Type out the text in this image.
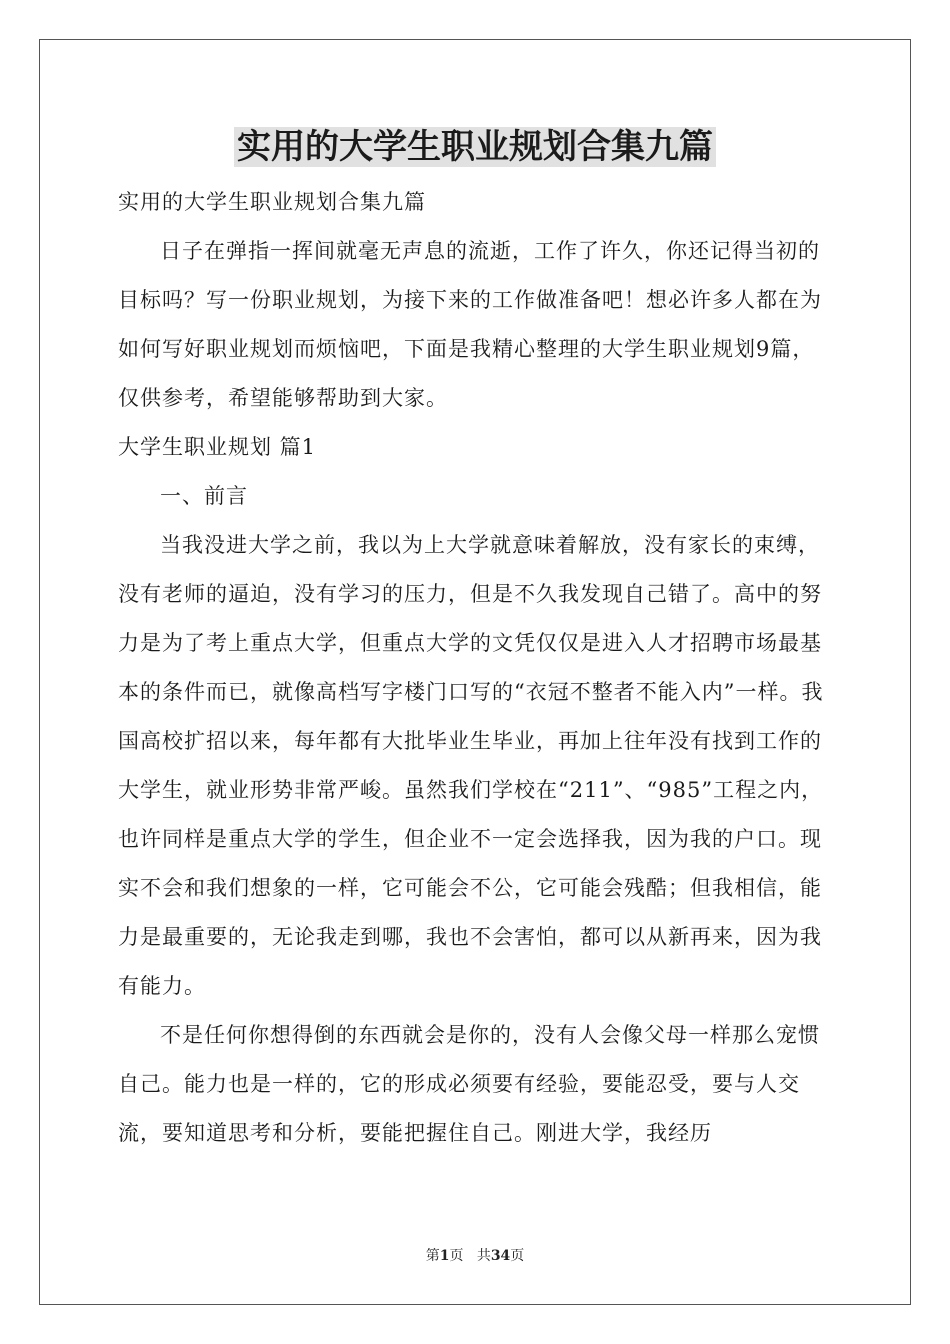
实用的大学生职业规划合集九篇

实用的大学生职业规划合集九篇

日子在弹指一挥间就毫无声息的流逝，工作了许久，你还记得当初的目标吗？写一份职业规划，为接下来的工作做准备吧！想必许多人都在为如何写好职业规划而烦恼吧，下面是我精心整理的大学生职业规划9篇，仅供参考，希望能够帮助到大家。

大学生职业规划 篇1

一、前言

当我没进大学之前，我以为上大学就意味着解放，没有家长的束缚，没有老师的逼迫，没有学习的压力，但是不久我发现自己错了。高中的努力是为了考上重点大学，但重点大学的文凭仅仅是进入人才招聘市场最基本的条件而已，就像高档写字楼门口写的“衣冠不整者不能入内”一样。我国高校扩招以来，每年都有大批毕业生毕业，再加上往年没有找到工作的大学生，就业形势非常严峻。虽然我们学校在“211”、“985”工程之内，也许同样是重点大学的学生，但企业不一定会选择我，因为我的户口。现实不会和我们想象的一样，它可能会不公，它可能会残酷；但我相信，能力是最重要的，无论我走到哪，我也不会害怕，都可以从新再来，因为我有能力。

不是任何你想得倒的东西就会是你的，没有人会像父母一样那么宠惯自己。能力也是一样的，它的形成必须要有经验，要能忍受，要与人交流，要知道思考和分析，要能把握住自己。刚进大学，我经历

第1页 共34页
